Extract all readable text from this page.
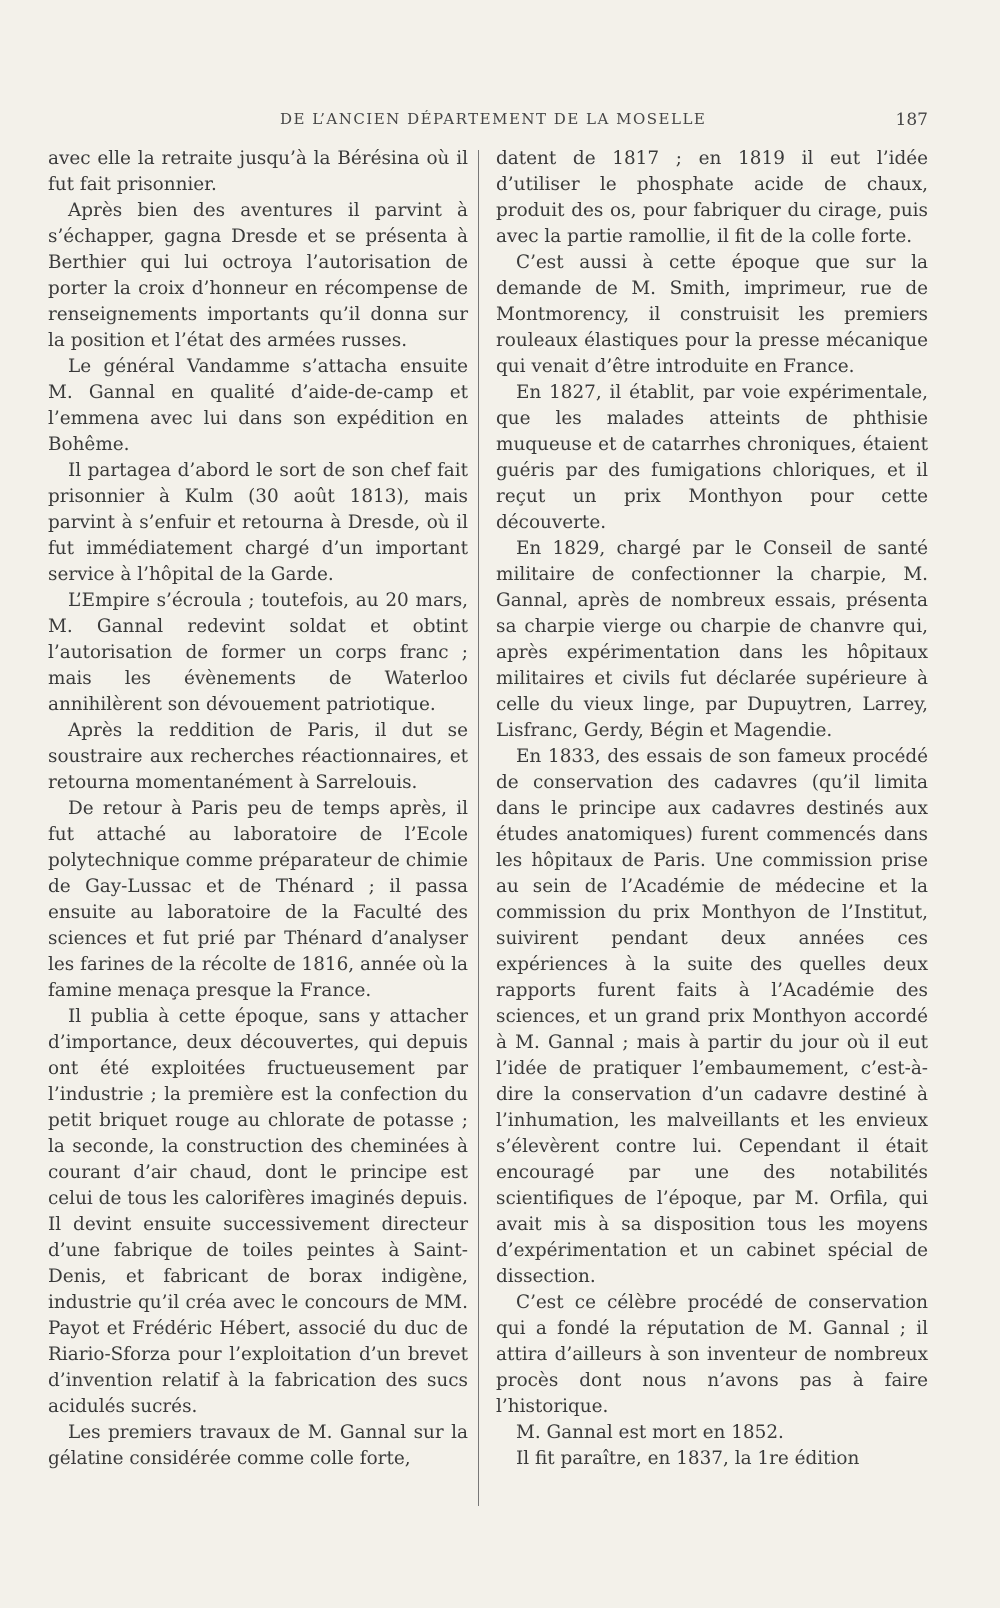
DE L’ANCIEN DÉPARTEMENT DE LA MOSELLE	187

avec elle la retraite jusqu’à la Bérésina où il fut fait prisonnier.

Après bien des aventures il parvint à s’échapper, gagna Dresde et se présenta à Berthier qui lui octroya l’autorisation de porter la croix d’honneur en récompense de renseignements importants qu’il donna sur la position et l’état des armées russes.

Le général Vandamme s’attacha ensuite M. Gannal en qualité d’aide-de-camp et l’emmena avec lui dans son expédition en Bohême.

Il partagea d’abord le sort de son chef fait prisonnier à Kulm (30 août 1813), mais parvint à s’enfuir et retourna à Dresde, où il fut immédiatement chargé d’un important service à l’hôpital de la Garde.

L’Empire s’écroula ; toutefois, au 20 mars, M. Gannal redevint soldat et obtint l’autorisation de former un corps franc ; mais les évènements de Waterloo annihilèrent son dévouement patriotique.

Après la reddition de Paris, il dut se soustraire aux recherches réactionnaires, et retourna momentanément à Sarrelouis.

De retour à Paris peu de temps après, il fut attaché au laboratoire de l’Ecole polytechnique comme préparateur de chimie de Gay-Lussac et de Thénard ; il passa ensuite au laboratoire de la Faculté des sciences et fut prié par Thénard d’analyser les farines de la récolte de 1816, année où la famine menaça presque la France.

Il publia à cette époque, sans y attacher d’importance, deux découvertes, qui depuis ont été exploitées fructueusement par l’industrie ; la première est la confection du petit briquet rouge au chlorate de potasse ; la seconde, la construction des cheminées à courant d’air chaud, dont le principe est celui de tous les calorifères imaginés depuis. Il devint ensuite successivement directeur d’une fabrique de toiles peintes à Saint-Denis, et fabricant de borax indigène, industrie qu’il créa avec le concours de MM. Payot et Frédéric Hébert, associé du duc de Riario-Sforza pour l’exploitation d’un brevet d’invention relatif à la fabrication des sucs acidulés sucrés.

Les premiers travaux de M. Gannal sur la gélatine considérée comme colle forte,

datent de 1817 ; en 1819 il eut l’idée d’utiliser le phosphate acide de chaux, produit des os, pour fabriquer du cirage, puis avec la partie ramollie, il fit de la colle forte.

C’est aussi à cette époque que sur la demande de M. Smith, imprimeur, rue de Montmorency, il construisit les premiers rouleaux élastiques pour la presse mécanique qui venait d’être introduite en France.

En 1827, il établit, par voie expérimentale, que les malades atteints de phthisie muqueuse et de catarrhes chroniques, étaient guéris par des fumigations chloriques, et il reçut un prix Monthyon pour cette découverte.

En 1829, chargé par le Conseil de santé militaire de confectionner la charpie, M. Gannal, après de nombreux essais, présenta sa charpie vierge ou charpie de chanvre qui, après expérimentation dans les hôpitaux militaires et civils fut déclarée supérieure à celle du vieux linge, par Dupuytren, Larrey, Lisfranc, Gerdy, Bégin et Magendie.

En 1833, des essais de son fameux procédé de conservation des cadavres (qu’il limita dans le principe aux cadavres destinés aux études anatomiques) furent commencés dans les hôpitaux de Paris. Une commission prise au sein de l’Académie de médecine et la commission du prix Monthyon de l’Institut, suivirent pendant deux années ces expériences à la suite des quelles deux rapports furent faits à l’Académie des sciences, et un grand prix Monthyon accordé à M. Gannal ; mais à partir du jour où il eut l’idée de pratiquer l’embaumement, c’est-à-dire la conservation d’un cadavre destiné à l’inhumation, les malveillants et les envieux s’élevèrent contre lui. Cependant il était encouragé par une des notabilités scientifiques de l’époque, par M. Orfila, qui avait mis à sa disposition tous les moyens d’expérimentation et un cabinet spécial de dissection.

C’est ce célèbre procédé de conservation qui a fondé la réputation de M. Gannal ; il attira d’ailleurs à son inventeur de nombreux procès dont nous n’avons pas à faire l’historique.

M. Gannal est mort en 1852.

Il fit paraître, en 1837, la 1re édition
